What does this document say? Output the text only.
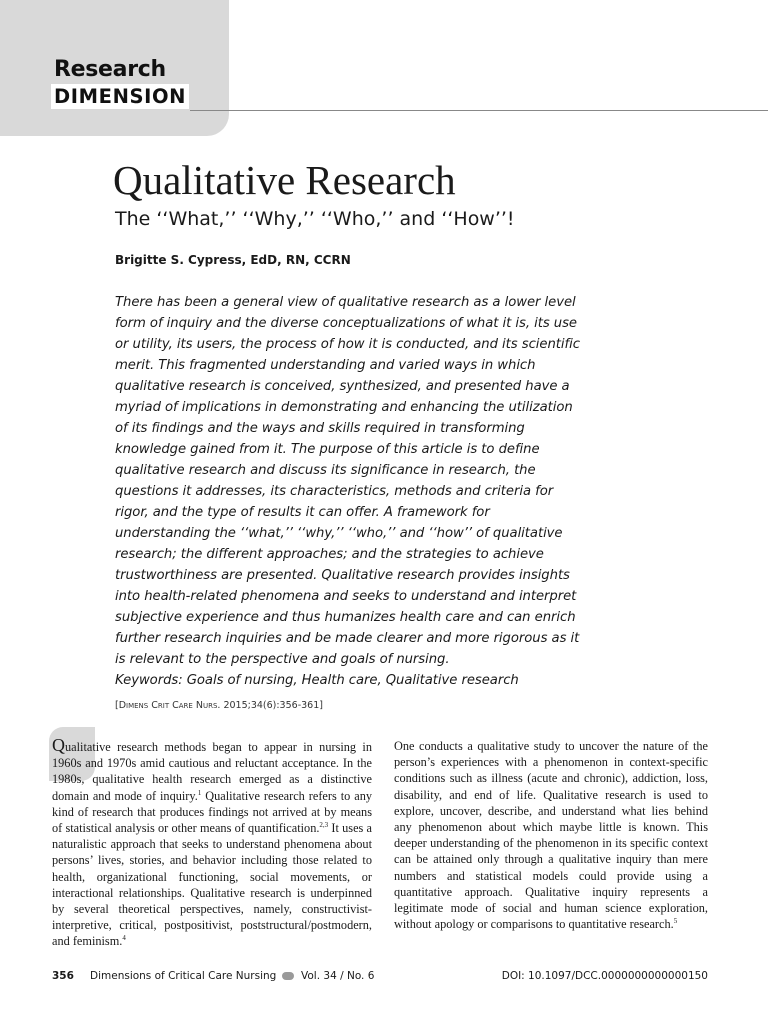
Research
DIMENSION
Qualitative Research
The ‘‘What,’’ ‘‘Why,’’ ‘‘Who,’’ and ‘‘How’’!
Brigitte S. Cypress, EdD, RN, CCRN

There has been a general view of qualitative research as a lower level form of inquiry and the diverse conceptualizations of what it is, its use or utility, its users, the process of how it is conducted, and its scientific merit. This fragmented understanding and varied ways in which qualitative research is conceived, synthesized, and presented have a myriad of implications in demonstrating and enhancing the utilization of its findings and the ways and skills required in transforming knowledge gained from it. The purpose of this article is to define qualitative research and discuss its significance in research, the questions it addresses, its characteristics, methods and criteria for rigor, and the type of results it can offer. A framework for understanding the ‘‘what,’’ ‘‘why,’’ ‘‘who,’’ and ‘‘how’’ of qualitative research; the different approaches; and the strategies to achieve trustworthiness are presented. Qualitative research provides insights into health-related phenomena and seeks to understand and interpret subjective experience and thus humanizes health care and can enrich further research inquiries and be made clearer and more rigorous as it is relevant to the perspective and goals of nursing.

Keywords: Goals of nursing, Health care, Qualitative research

[Dimens Crit Care Nurs. 2015;34(6):356-361]

Qualitative research methods began to appear in nursing in 1960s and 1970s amid cautious and reluctant acceptance. In the 1980s, qualitative health research emerged as a distinctive domain and mode of inquiry.$^1$ Qualitative research refers to any kind of research that produces findings not arrived at by means of statistical analysis or other means of quantification.$^{2,3}$ It uses a naturalistic approach that seeks to understand phenomena about persons’ lives, stories, and behavior including those related to health, organizational functioning, social movements, or interactional relationships. Qualitative research is underpinned by several theoretical perspectives, namely, constructivist-interpretive, critical, postpositivist, poststructural/postmodern, and feminism.$^4$

One conducts a qualitative study to uncover the nature of the person’s experiences with a phenomenon in context-specific conditions such as illness (acute and chronic), addiction, loss, disability, and end of life. Qualitative research is used to explore, uncover, describe, and understand what lies behind any phenomenon about which maybe little is known. This deeper understanding of the phenomenon in its specific context can be attained only through a qualitative inquiry than mere numbers and statistical models could provide using a quantitative approach. Qualitative inquiry represents a legitimate mode of social and human science exploration, without apology or comparisons to quantitative research.$^5$

356 Dimensions of Critical Care Nursing Vol. 34 / No. 6	DOI: 10.1097/DCC.0000000000000150
